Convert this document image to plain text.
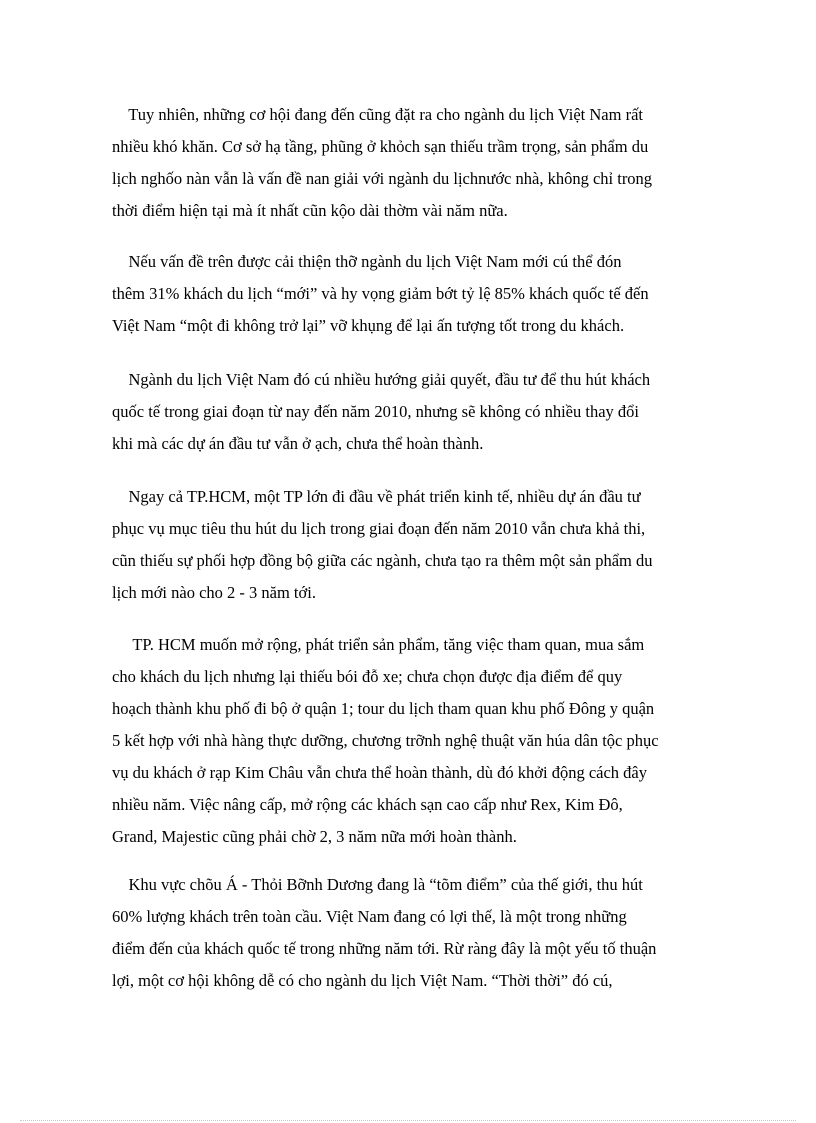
Tuy nhiên, những cơ hội đang đến cũng đặt ra cho ngành du lịch Việt Nam rất
nhiều khó khăn. Cơ sở hạ tầng, phũng ở khỏch sạn thiếu trầm trọng, sản phẩm du
lịch nghốo nàn vẫn là vấn đề nan giải với ngành du lịchnước nhà, không chỉ trong
thời điểm hiện tại mà ít nhất cũn kộo dài thờm vài năm nữa.

Nếu vấn đề trên được cải thiện thỡ ngành du lịch Việt Nam mới cú thể đón
thêm 31% khách du lịch “mới” và hy vọng giảm bớt tỷ lệ 85% khách quốc tế đến
Việt Nam “một đi không trở lại” vỡ khụng để lại ấn tượng tốt trong du khách.

Ngành du lịch Việt Nam đó cú nhiều hướng giải quyết, đầu tư để thu hút khách
quốc tế trong giai đoạn từ nay đến năm 2010, nhưng sẽ không có nhiều thay đổi
khi mà các dự án đầu tư vẫn ở ạch, chưa thể hoàn thành.

Ngay cả TP.HCM, một TP lớn đi đầu về phát triển kinh tế, nhiều dự án đầu tư
phục vụ mục tiêu thu hút du lịch trong giai đoạn đến năm 2010 vẫn chưa khả thi,
cũn thiếu sự phối hợp đồng bộ giữa các ngành, chưa tạo ra thêm một sản phẩm du
lịch mới nào cho 2 - 3 năm tới.

TP. HCM muốn mở rộng, phát triển sản phẩm, tăng việc tham quan, mua sắm
cho khách du lịch nhưng lại thiếu bói đỗ xe; chưa chọn được địa điểm để quy
hoạch thành khu phố đi bộ ở quận 1; tour du lịch tham quan khu phố Đông y quận
5 kết hợp với nhà hàng thực dưỡng, chương trỡnh nghệ thuật văn húa dân tộc phục
vụ du khách ở rạp Kim Châu vẫn chưa thể hoàn thành, dù đó khởi động cách đây
nhiều năm. Việc nâng cấp, mở rộng các khách sạn cao cấp như Rex, Kim Đô,
Grand, Majestic cũng phải chờ 2, 3 năm nữa mới hoàn thành.

Khu vực chõu Á - Thỏi Bỡnh Dương đang là “tõm điểm” của thế giới, thu hút
60% lượng khách trên toàn cầu. Việt Nam đang có lợi thế, là một trong những
điểm đến của khách quốc tế trong những năm tới. Rừ ràng đây là một yếu tố thuận
lợi, một cơ hội không dễ có cho ngành du lịch Việt Nam. “Thời thời” đó cú,
